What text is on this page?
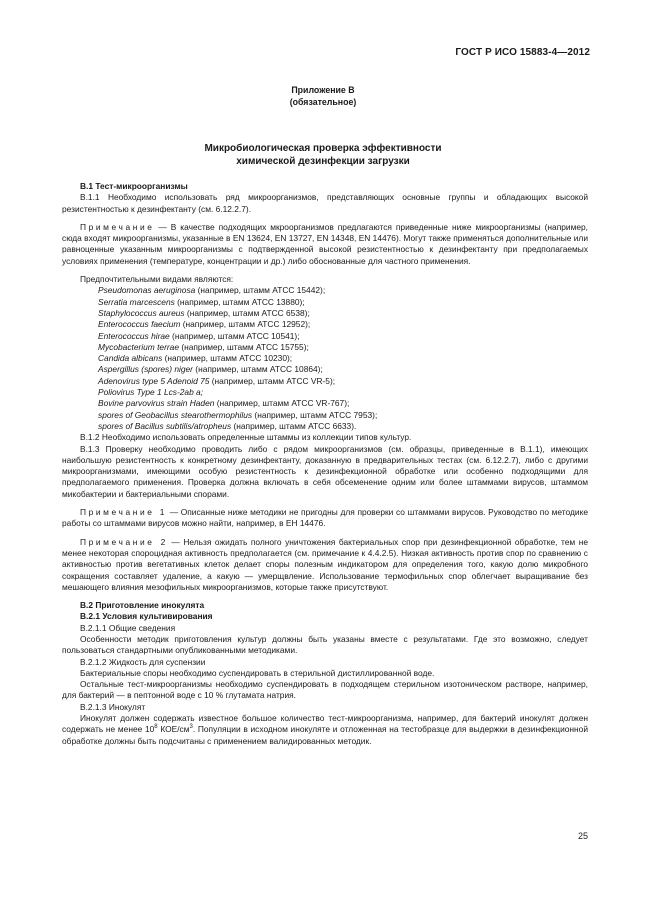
ГОСТ Р ИСО 15883-4—2012
Приложение В
(обязательное)
Микробиологическая проверка эффективности
химической дезинфекции загрузки

В.1 Тест-микроорганизмы

В.1.1 Необходимо использовать ряд микроорганизмов, представляющих основные группы и обладающих высокой резистентностью к дезинфектанту (см. 6.12.2.7).

Примечание — В качестве подходящих мкроорганизмов предлагаются приведенные ниже микроорганизмы (например, сюда входят микроорганизмы, указанные в EN 13624, EN 13727, EN 14348, EN 14476). Могут также применяться дополнительные или равноценные указанным микроорганизмы с подтвержденной высокой резистентностью к дезинфектанту при предполагаемых условиях применения (температуре, концентрации и др.) либо обоснованные для частного применения.

Предпочтительными видами являются:
Pseudomonas aeruginosa (например, штамм АТСС 15442);
Serratia marcescens (например, штамм АТСС 13880);
Staphylococcus aureus (например, штамм АТСС 6538);
Enterococcus faecium (например, штамм АТСС 12952);
Enterococcus hirae (например, штамм АТСС 10541);
Mycobacterium terrae (например, штамм АТСС 15755);
Candida albicans (например, штамм АТСС 10230);
Aspergillus (spores) niger (например, штамм АТСС 10864);
Adenovirus type 5 Adenoid 75 (например, штамм АТСС VR-5);
Poliovirus Type 1 Lcs-2ab a;
Bovine parvovirus strain Haden (например, штамм АТСС VR-767);
spores of Geobacillus stearothermophilus (например, штамм АТСС 7953);
spores of Bacillus subtilis/atropheus (например, штамм АТСС 6633).

В.1.2 Необходимо использовать определенные штаммы из коллекции типов культур.

В.1.3 Проверку необходимо проводить либо с рядом микроорганизмов (см. образцы, приведенные в В.1.1), имеющих наибольшую резистентность к конкретному дезинфектанту, доказанную в предварительных тестах (см. 6.12.2.7), либо с другими микроорганизмами, имеющими особую резистентность к дезинфекционной обработке или особенно подходящими для предполагаемого применения. Проверка должна включать в себя обсеменение одним или более штаммами вирусов, штаммом микобактерии и бактериальными спорами.

Примечание 1 — Описанные ниже методики не пригодны для проверки со штаммами вирусов. Руководство по методике работы со штаммами вирусов можно найти, например, в ЕН 14476.

Примечание 2 — Нельзя ожидать полного уничтожения бактериальных спор при дезинфекционной обработке, тем не менее некоторая спороцидная активность предполагается (см. примечание к 4.4.2.5). Низкая активность против спор по сравнению с активностью против вегетативных клеток делает споры полезным индикатором для определения того, какую долю микробного сокращения составляет удаление, а какую — умерщвление. Использование термофильных спор облегчает выращивание без мешающего влияния мезофильных микроорганизмов, которые также присутствуют.

В.2 Приготовление инокулята

В.2.1 Условия культивирования

В.2.1.1 Общие сведения

Особенности методик приготовления культур должны быть указаны вместе с результатами. Где это возможно, следует пользоваться стандартными опубликованными методиками.

В.2.1.2 Жидкость для суспензии

Бактериальные споры необходимо суспендировать в стерильной дистиллированной воде.

Остальные тест-микроорганизмы необходимо суспендировать в подходящем стерильном изотоническом растворе, например, для бактерий — в пептонной воде с 10 % глутамата натрия.

В.2.1.3 Инокулят

Инокулят должен содержать известное большое количество тест-микроорганизма, например, для бактерий инокулят должен содержать не менее $10^8$ КОЕ/$см^3$. Популяции в исходном инокуляте и отложенная на тестобразце для выдержки в дезинфекционной обработке должны быть подсчитаны с применением валидированных методик.

25
